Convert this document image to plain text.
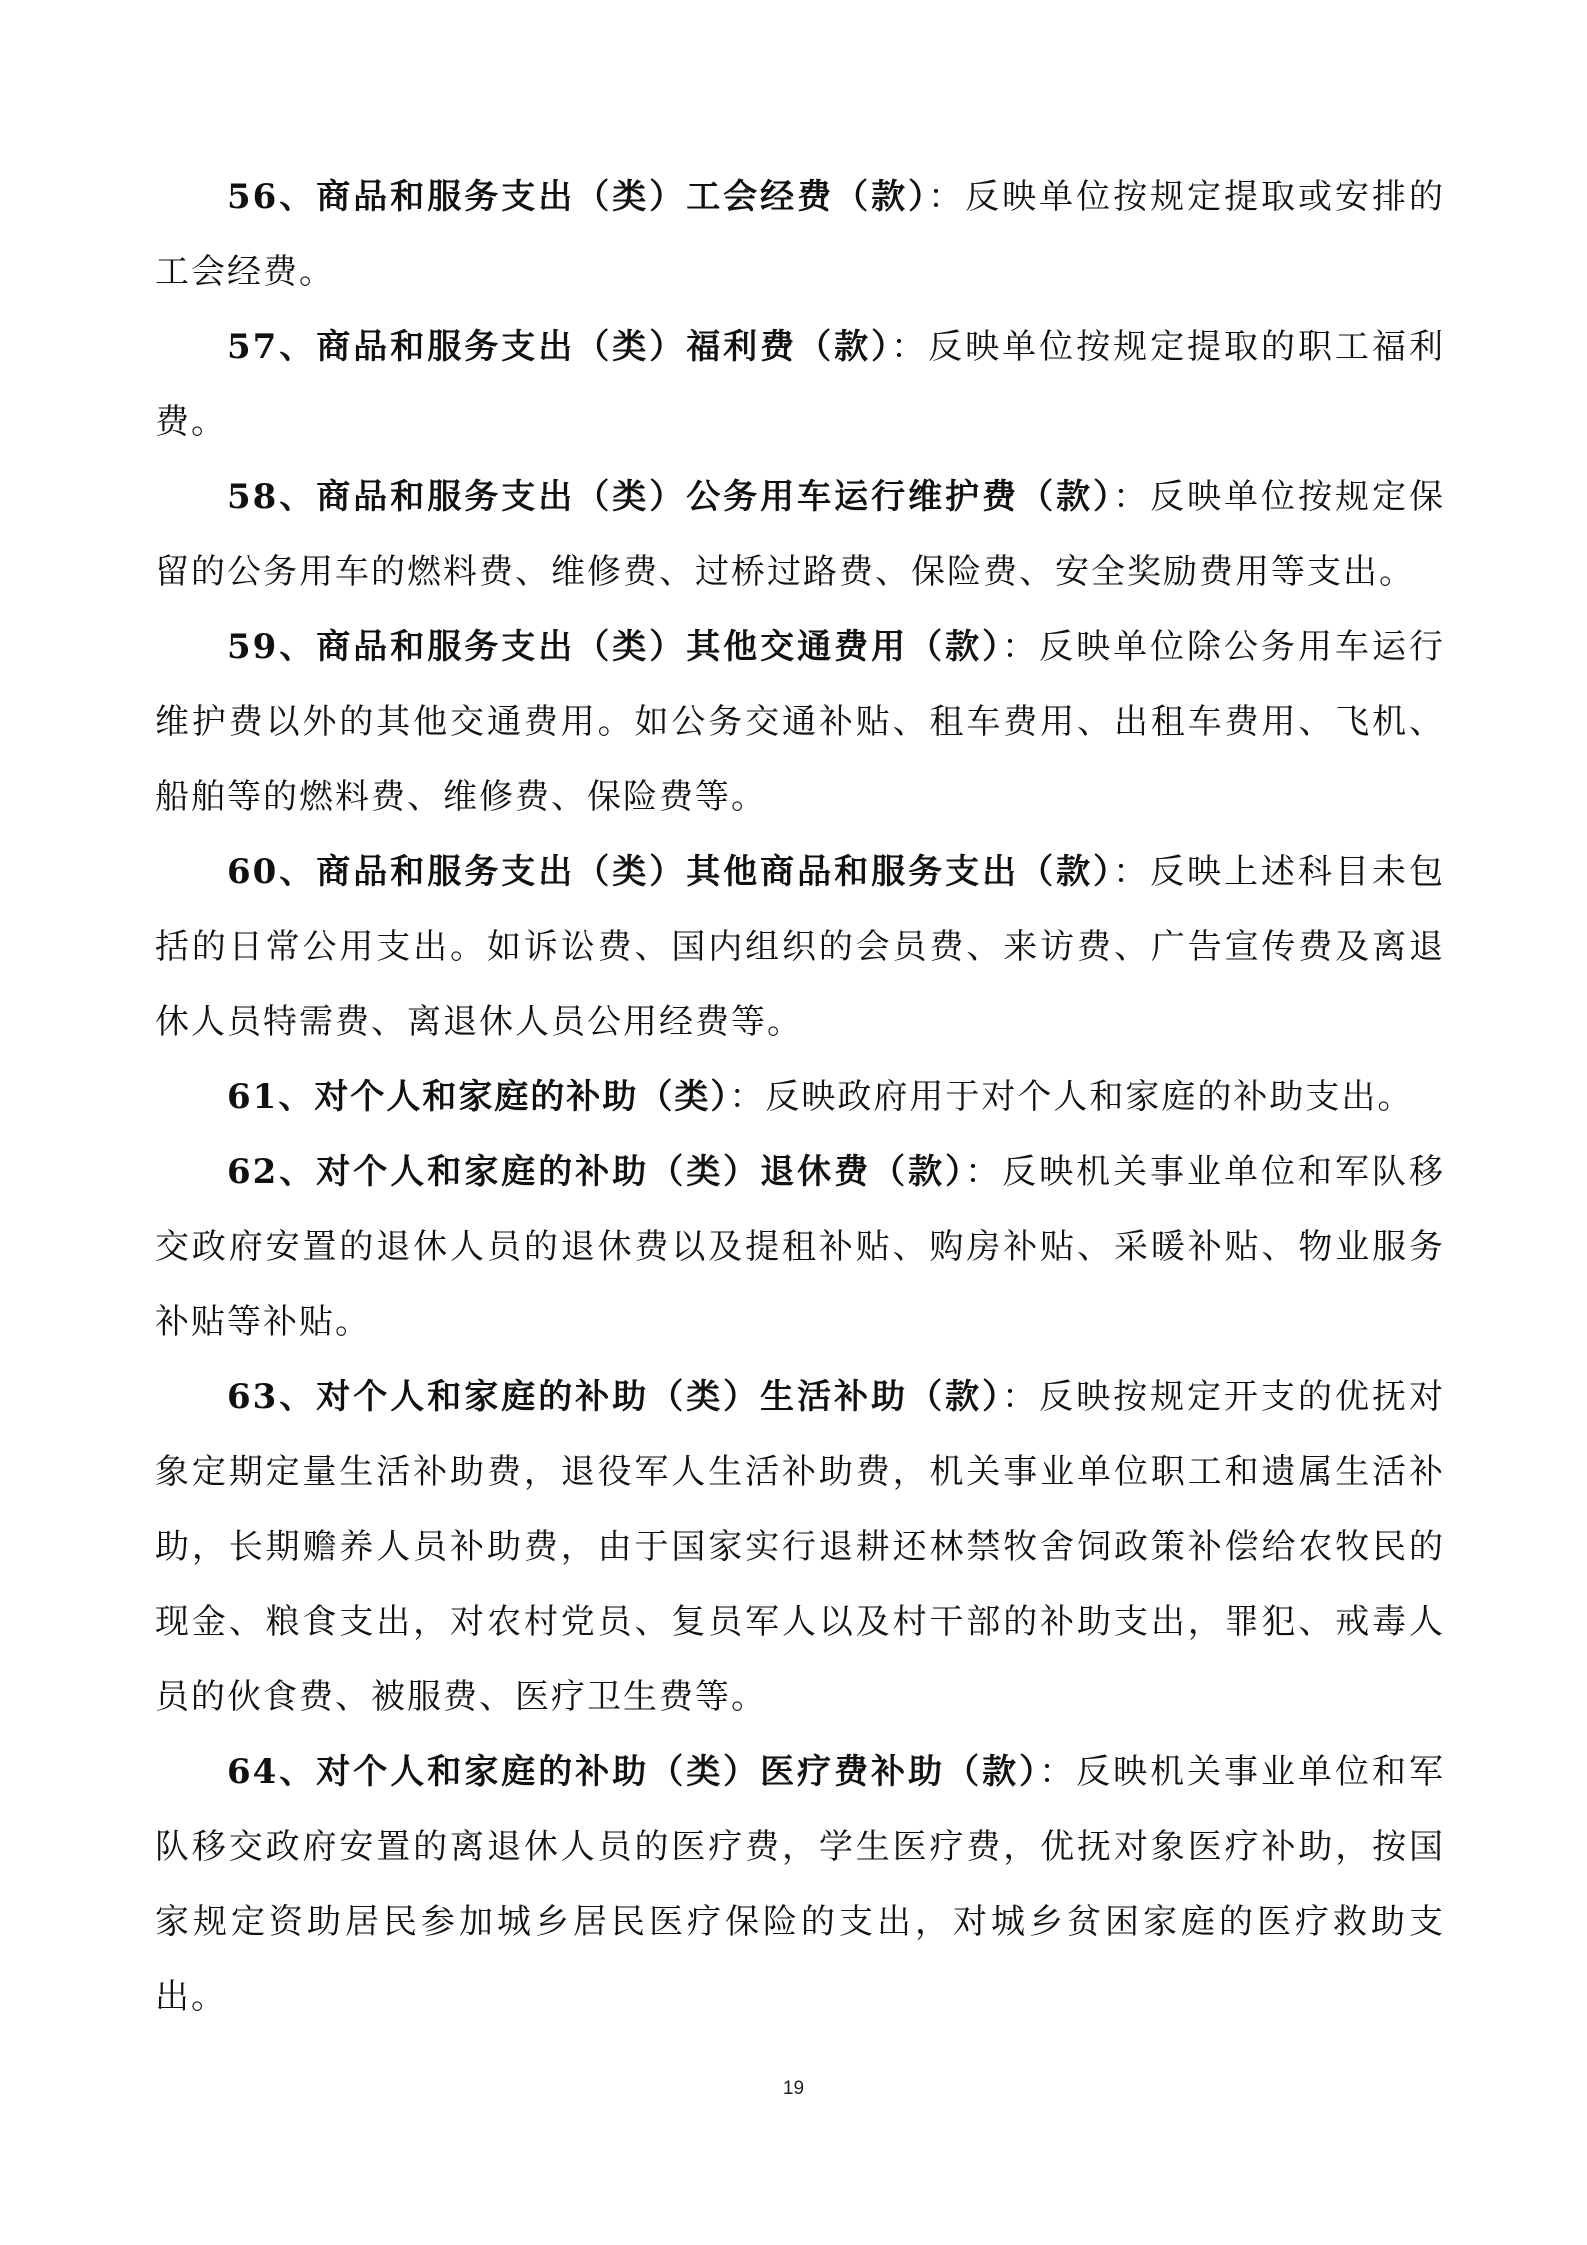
56、商品和服务支出（类）工会经费（款）：反映单位按规定提取或安排的工会经费。

57、商品和服务支出（类）福利费（款）：反映单位按规定提取的职工福利费。

58、商品和服务支出（类）公务用车运行维护费（款）：反映单位按规定保留的公务用车的燃料费、维修费、过桥过路费、保险费、安全奖励费用等支出。

59、商品和服务支出（类）其他交通费用（款）：反映单位除公务用车运行维护费以外的其他交通费用。如公务交通补贴、租车费用、出租车费用、飞机、船舶等的燃料费、维修费、保险费等。

60、商品和服务支出（类）其他商品和服务支出（款）：反映上述科目未包括的日常公用支出。如诉讼费、国内组织的会员费、来访费、广告宣传费及离退休人员特需费、离退休人员公用经费等。

61、对个人和家庭的补助（类）：反映政府用于对个人和家庭的补助支出。

62、对个人和家庭的补助（类）退休费（款）：反映机关事业单位和军队移交政府安置的退休人员的退休费以及提租补贴、购房补贴、采暖补贴、物业服务补贴等补贴。

63、对个人和家庭的补助（类）生活补助（款）：反映按规定开支的优抚对象定期定量生活补助费，退役军人生活补助费，机关事业单位职工和遗属生活补助，长期赡养人员补助费，由于国家实行退耕还林禁牧舍饲政策补偿给农牧民的现金、粮食支出，对农村党员、复员军人以及村干部的补助支出，罪犯、戒毒人员的伙食费、被服费、医疗卫生费等。

64、对个人和家庭的补助（类）医疗费补助（款）：反映机关事业单位和军队移交政府安置的离退休人员的医疗费，学生医疗费，优抚对象医疗补助，按国家规定资助居民参加城乡居民医疗保险的支出，对城乡贫困家庭的医疗救助支出。

19
